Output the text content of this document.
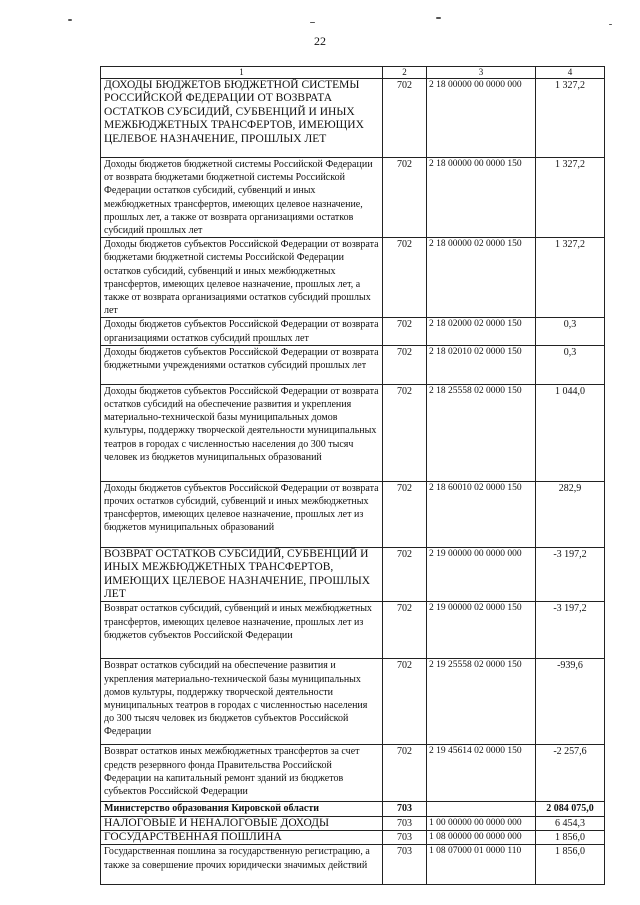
22
1	2	3	4
ДОХОДЫ БЮДЖЕТОВ БЮДЖЕТНОЙ СИСТЕМЫ РОССИЙСКОЙ ФЕДЕРАЦИИ ОТ ВОЗВРАТА ОСТАТКОВ СУБСИДИЙ, СУБВЕНЦИЙ И ИНЫХ МЕЖБЮДЖЕТНЫХ ТРАНСФЕРТОВ, ИМЕЮЩИХ ЦЕЛЕВОЕ НАЗНАЧЕНИЕ, ПРОШЛЫХ ЛЕТ	702	2 18 00000 00 0000 000	1 327,2
Доходы бюджетов бюджетной системы Российской Федерации от возврата бюджетами бюджетной системы Российской Федерации остатков субсидий, субвенций и иных межбюджетных трансфертов, имеющих целевое назначение, прошлых лет, а также от возврата организациями остатков субсидий прошлых лет	702	2 18 00000 00 0000 150	1 327,2
Доходы бюджетов субъектов Российской Федерации от возврата бюджетами бюджетной системы Российской Федерации остатков субсидий, субвенций и иных межбюджетных трансфертов, имеющих целевое назначение, прошлых лет, а также от возврата организациями остатков субсидий прошлых лет	702	2 18 00000 02 0000 150	1 327,2
Доходы бюджетов субъектов Российской Федерации от возврата организациями остатков субсидий прошлых лет	702	2 18 02000 02 0000 150	0,3
Доходы бюджетов субъектов Российской Федерации от возврата бюджетными учреждениями остатков субсидий прошлых лет	702	2 18 02010 02 0000 150	0,3
Доходы бюджетов субъектов Российской Федерации от возврата остатков субсидий на обеспечение развития и укрепления материально-технической базы муниципальных домов культуры, поддержку творческой деятельности муниципальных театров в городах с численностью населения до 300 тысяч человек из бюджетов муниципальных образований	702	2 18 25558 02 0000 150	1 044,0
Доходы бюджетов субъектов Российской Федерации от возврата прочих остатков субсидий, субвенций и иных межбюджетных трансфертов, имеющих целевое назначение, прошлых лет из бюджетов муниципальных образований	702	2 18 60010 02 0000 150	282,9
ВОЗВРАТ ОСТАТКОВ СУБСИДИЙ, СУБВЕНЦИЙ И ИНЫХ МЕЖБЮДЖЕТНЫХ ТРАНСФЕРТОВ, ИМЕЮЩИХ ЦЕЛЕВОЕ НАЗНАЧЕНИЕ, ПРОШЛЫХ ЛЕТ	702	2 19 00000 00 0000 000	-3 197,2
Возврат остатков субсидий, субвенций и иных межбюджетных трансфертов, имеющих целевое назначение, прошлых лет из бюджетов субъектов Российской Федерации	702	2 19 00000 02 0000 150	-3 197,2
Возврат остатков субсидий на обеспечение развития и укрепления материально-технической базы муниципальных домов культуры, поддержку творческой деятельности муниципальных театров в городах с численностью населения до 300 тысяч человек из бюджетов субъектов Российской Федерации	702	2 19 25558 02 0000 150	-939,6
Возврат остатков иных межбюджетных трансфертов за счет средств резервного фонда Правительства Российской Федерации на капитальный ремонт зданий из бюджетов субъектов Российской Федерации	702	2 19 45614 02 0000 150	-2 257,6
Министерство образования Кировской области	703		2 084 075,0
НАЛОГОВЫЕ И НЕНАЛОГОВЫЕ ДОХОДЫ	703	1 00 00000 00 0000 000	6 454,3
ГОСУДАРСТВЕННАЯ ПОШЛИНА	703	1 08 00000 00 0000 000	1 856,0
Государственная пошлина за государственную регистрацию, а также за совершение прочих юридически значимых действий	703	1 08 07000 01 0000 110	1 856,0
